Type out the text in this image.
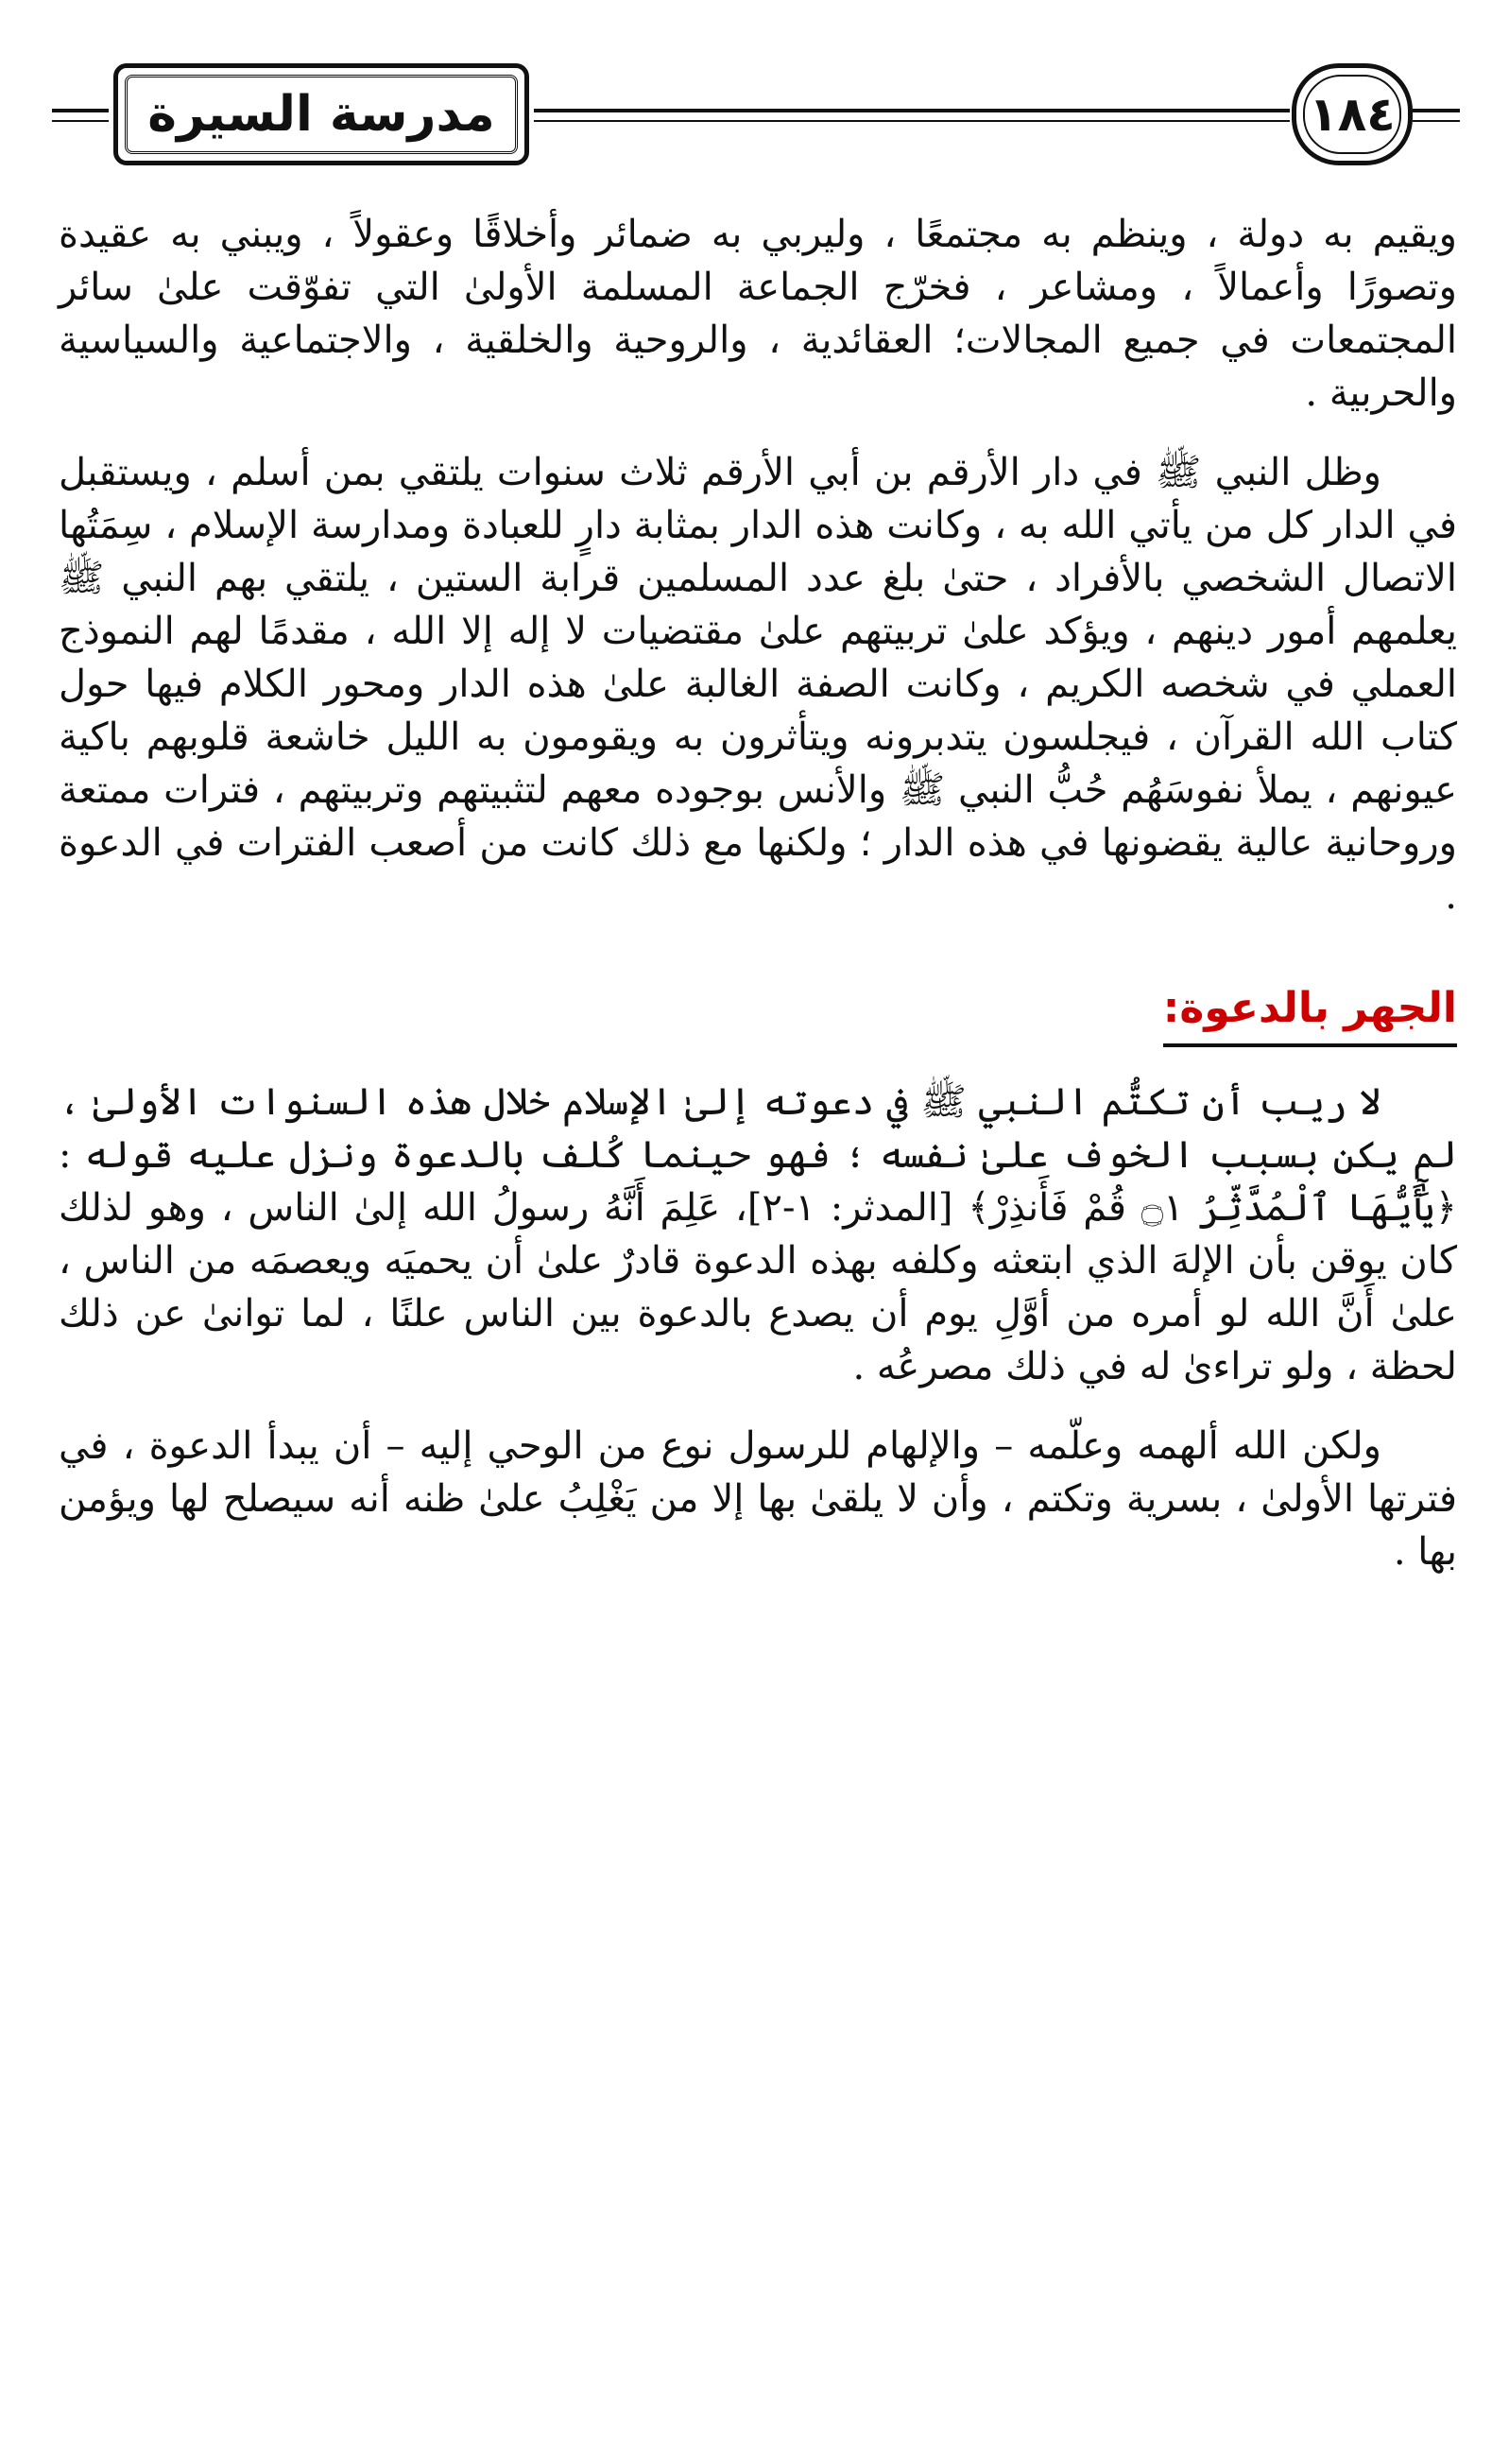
مدرسة السيرة	١٨٤

ويقيم به دولة ، وينظم به مجتمعًا ، وليربي به ضمائر وأخلاقًا وعقولاً ، ويبني به عقيدة وتصورًا وأعمالاً ، ومشاعر ، فخرّج الجماعة المسلمة الأولىٰ التي تفوّقت علىٰ سائر المجتمعات في جميع المجالات؛ العقائدية ، والروحية والخلقية ، والاجتماعية والسياسية والحربية .

وظل النبي ﷺ في دار الأرقم بن أبي الأرقم ثلاث سنوات يلتقي بمن أسلم ، ويستقبل في الدار كل من يأتي الله به ، وكانت هذه الدار بمثابة دارٍ للعبادة ومدارسة الإسلام ، سِمَتُها الاتصال الشخصي بالأفراد ، حتىٰ بلغ عدد المسلمين قرابة الستين ، يلتقي بهم النبي ﷺ يعلمهم أمور دينهم ، ويؤكد علىٰ تربيتهم علىٰ مقتضيات لا إله إلا الله ، مقدمًا لهم النموذج العملي في شخصه الكريم ، وكانت الصفة الغالبة علىٰ هذه الدار ومحور الكلام فيها حول كتاب الله القرآن ، فيجلسون يتدبرونه ويتأثرون به ويقومون به الليل خاشعة قلوبهم باكية عيونهم ، يملأ نفوسَهُم حُبُّ النبي ﷺ والأنس بوجوده معهم لتثبيتهم وتربيتهم ، فترات ممتعة وروحانية عالية يقضونها في هذه الدار ؛ ولكنها مع ذلك كانت من أصعب الفترات في الدعوة .

الجهر بالدعوة:

لا ريب أن تكتُّم النبي ﷺ في دعوته إلىٰ الإسلام خلال هذه السنوات الأولىٰ ، لم يكن بسبب الخوف علىٰ نفسه ؛ فهو حينما كُلف بالدعوة ونزل عليه قوله : ﴿يَٰٓأَيُّهَا ٱلْمُدَّثِّرُ ۝١ قُمْ فَأَنذِرْ﴾ [المدثر: ١-٢]، عَلِمَ أَنَّهُ رسولُ الله إلىٰ الناس ، وهو لذلك كان يوقن بأن الإلهَ الذي ابتعثه وكلفه بهذه الدعوة قادرٌ علىٰ أن يحميَه ويعصمَه من الناس ، علىٰ أَنَّ الله لو أمره من أوَّلِ يوم أن يصدع بالدعوة بين الناس علنًا ، لما توانىٰ عن ذلك لحظة ، ولو تراءىٰ له في ذلك مصرعُه .

ولكن الله ألهمه وعلّمه – والإلهام للرسول نوع من الوحي إليه – أن يبدأ الدعوة ، في فترتها الأولىٰ ، بسرية وتكتم ، وأن لا يلقىٰ بها إلا من يَغْلِبُ علىٰ ظنه أنه سيصلح لها ويؤمن بها .
